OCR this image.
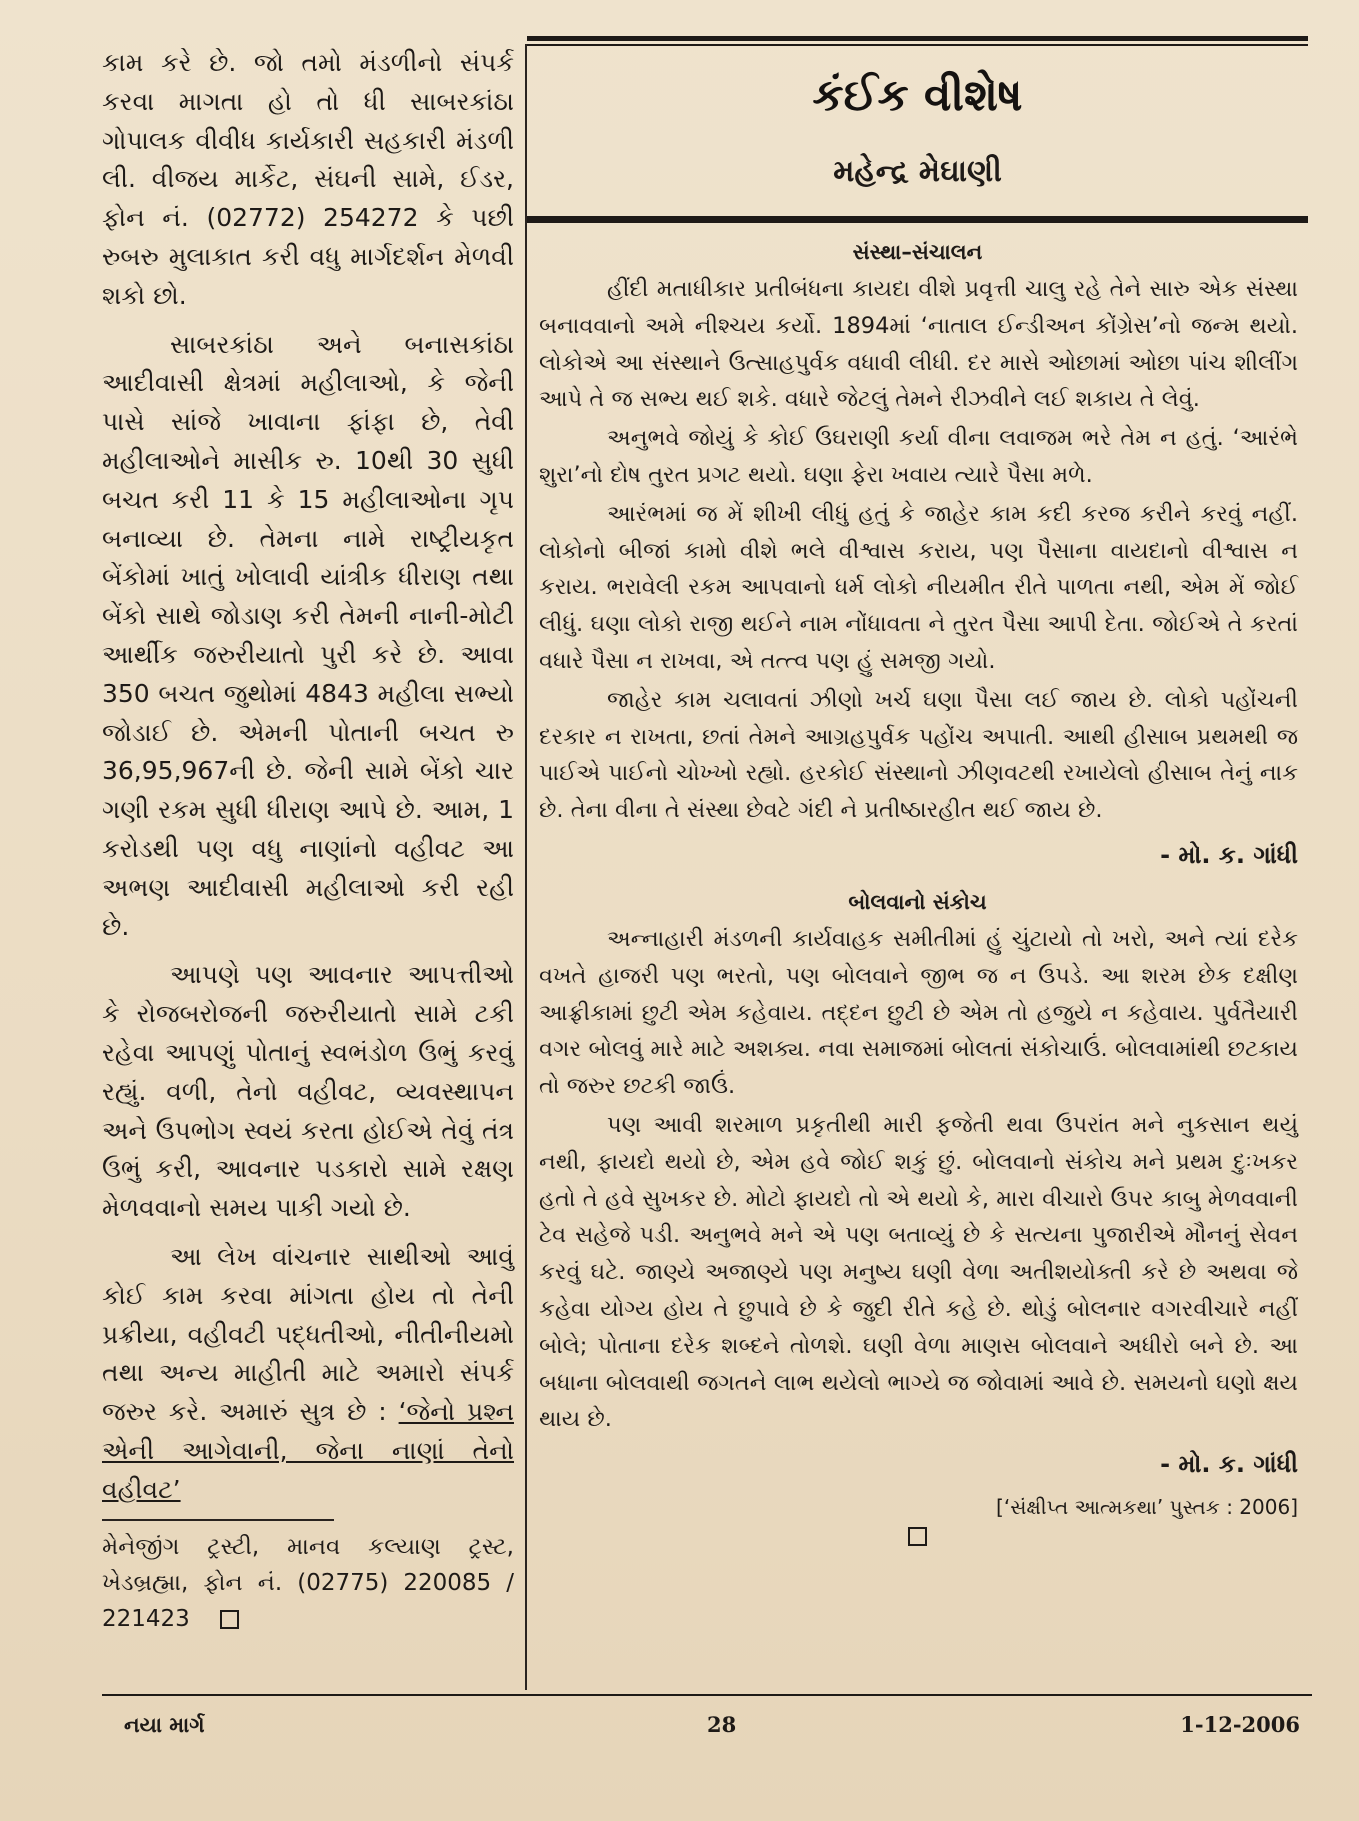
કામ કરે છે. જો તમો મંડળીનો સંપર્ક કરવા માગતા હો તો ધી સાબરકાંઠા ગોપાલક વીવીધ કાર્યકારી સહકારી મંડળી લી. વીજય માર્કેટ, સંઘની સામે, ઈડર, ફોન નં. (02772) 254272 કે પછી રુબરુ મુલાકાત કરી વધુ માર્ગદર્શન મેળવી શકો છો.

સાબરકાંઠા અને બનાસકાંઠા આદીવાસી ક્ષેત્રમાં મહીલાઓ, કે જેની પાસે સાંજે ખાવાના ફાંફા છે, તેવી મહીલાઓને માસીક રુ. 10થી 30 સુધી બચત કરી 11 કે 15 મહીલાઓના ગૃપ બનાવ્યા છે. તેમના નામે રાષ્ટ્રીયકૃત બેંકોમાં ખાતું ખોલાવી યાંત્રીક ધીરાણ તથા બેંકો સાથે જોડાણ કરી તેમની નાની-મોટી આર્થીક જરુરીયાતો પુરી કરે છે. આવા 350 બચત જુથોમાં 4843 મહીલા સભ્યો જોડાઈ છે. એમની પોતાની બચત રુ 36,95,967ની છે. જેની સામે બેંકો ચાર ગણી રકમ સુધી ધીરાણ આપે છે. આમ, 1 કરોડથી પણ વધુ નાણાંનો વહીવટ આ અભણ આદીવાસી મહીલાઓ કરી રહી છે.

આપણે પણ આવનાર આપત્તીઓ કે રોજબરોજની જરુરીયાતો સામે ટકી રહેવા આપણું પોતાનું સ્વભંડોળ ઉભું કરવું રહ્યું. વળી, તેનો વહીવટ, વ્યવસ્થાપન અને ઉપભોગ સ્વયં કરતા હોઈએ તેવું તંત્ર ઉભું કરી, આવનાર પડકારો સામે રક્ષણ મેળવવાનો સમય પાકી ગયો છે.

આ લેખ વાંચનાર સાથીઓ આવું કોઈ કામ કરવા માંગતા હોય તો તેની પ્રક્રીયા, વહીવટી પદ્ધતીઓ, નીતીનીયમો તથા અન્ય માહીતી માટે અમારો સંપર્ક જરુર કરે. અમારું સુત્ર છે : ‘જેનો પ્રશ્ન એની આગેવાની, જેના નાણાં તેનો વહીવટ’

મેનેજીંગ ટ્રસ્ટી, માનવ કલ્યાણ ટ્રસ્ટ, ખેડબ્રહ્મા, ફોન નં. (02775) 220085 / 221423
કંઈક વીશેષ
મહેન્દ્ર મેઘાણી
સંસ્થા–સંચાલન

હીંદી મતાધીકાર પ્રતીબંધના કાયદા વીશે પ્રવૃત્તી ચાલુ રહે તેને સારુ એક સંસ્થા બનાવવાનો અમે નીશ્ચય કર્યો. 1894માં ‘નાતાલ ઈન્ડીઅન કોંગ્રેસ’નો જન્મ થયો. લોકોએ આ સંસ્થાને ઉત્સાહપુર્વક વધાવી લીધી. દર માસે ઓછામાં ઓછા પાંચ શીલીંગ આપે તે જ સભ્ય થઈ શકે. વધારે જેટલું તેમને રીઝવીને લઈ શકાય તે લેવું.

અનુભવે જોયું કે કોઈ ઉઘરાણી કર્યા વીના લવાજમ ભરે તેમ ન હતું. ‘આરંભે શુરા’નો દોષ તુરત પ્રગટ થયો. ઘણા ફેરા ખવાય ત્યારે પૈસા મળે.

આરંભમાં જ મેં શીખી લીધું હતું કે જાહેર કામ કદી કરજ કરીને કરવું નહીં. લોકોનો બીજાં કામો વીશે ભલે વીશ્વાસ કરાય, પણ પૈસાના વાયદાનો વીશ્વાસ ન કરાય. ભરાવેલી રકમ આપવાનો ધર્મ લોકો નીયમીત રીતે પાળતા નથી, એમ મેં જોઈ લીધું. ઘણા લોકો રાજી થઈને નામ નોંધાવતા ને તુરત પૈસા આપી દેતા. જોઈએ તે કરતાં વધારે પૈસા ન રાખવા, એ તત્ત્વ પણ હું સમજી ગયો.

જાહેર કામ ચલાવતાં ઝીણો ખર્ચ ઘણા પૈસા લઈ જાય છે. લોકો પહોંચની દરકાર ન રાખતા, છતાં તેમને આગ્રહપુર્વક પહોંચ અપાતી. આથી હીસાબ પ્રથમથી જ પાઈએ પાઈનો ચોખ્ખો રહ્યો. હરકોઈ સંસ્થાનો ઝીણવટથી રખાયેલો હીસાબ તેનું નાક છે. તેના વીના તે સંસ્થા છેવટે ગંદી ને પ્રતીષ્ઠારહીત થઈ જાય છે.

- મો. ક. ગાંધી
બોલવાનો સંકોચ

અન્નાહારી મંડળની કાર્યવાહક સમીતીમાં હું ચુંટાયો તો ખરો, અને ત્યાં દરેક વખતે હાજરી પણ ભરતો, પણ બોલવાને જીભ જ ન ઉપડે. આ શરમ છેક દક્ષીણ આફ્રીકામાં છુટી એમ કહેવાય. તદ્દન છુટી છે એમ તો હજુયે ન કહેવાય. પુર્વતૈયારી વગર બોલવું મારે માટે અશક્ય. નવા સમાજમાં બોલતાં સંકોચાઉં. બોલવામાંથી છટકાય તો જરુર છટકી જાઉં.

પણ આવી શરમાળ પ્રકૃતીથી મારી ફજેતી થવા ઉપરાંત મને નુકસાન થયું નથી, ફાયદો થયો છે, એમ હવે જોઈ શકું છું. બોલવાનો સંકોચ મને પ્રથમ દુઃખકર હતો તે હવે સુખકર છે. મોટો ફાયદો તો એ થયો કે, મારા વીચારો ઉપર કાબુ મેળવવાની ટેવ સહેજે પડી. અનુભવે મને એ પણ બતાવ્યું છે કે સત્યના પુજારીએ મૌનનું સેવન કરવું ઘટે. જાણ્યે અજાણ્યે પણ મનુષ્ય ઘણી વેળા અતીશયોક્તી કરે છે અથવા જે કહેવા યોગ્ય હોય તે છુપાવે છે કે જુદી રીતે કહે છે. થોડું બોલનાર વગરવીચારે નહીં બોલે; પોતાના દરેક શબ્દને તોળશે. ઘણી વેળા માણસ બોલવાને અધીરો બને છે. આ બધાના બોલવાથી જગતને લાભ થયેલો ભાગ્યે જ જોવામાં આવે છે. સમયનો ઘણો ક્ષય થાય છે.

- મો. ક. ગાંધી

[‘સંક્ષીપ્ત આત્મકથા’ પુસ્તક : 2006]

નયા માર્ગ	28	1-12-2006
